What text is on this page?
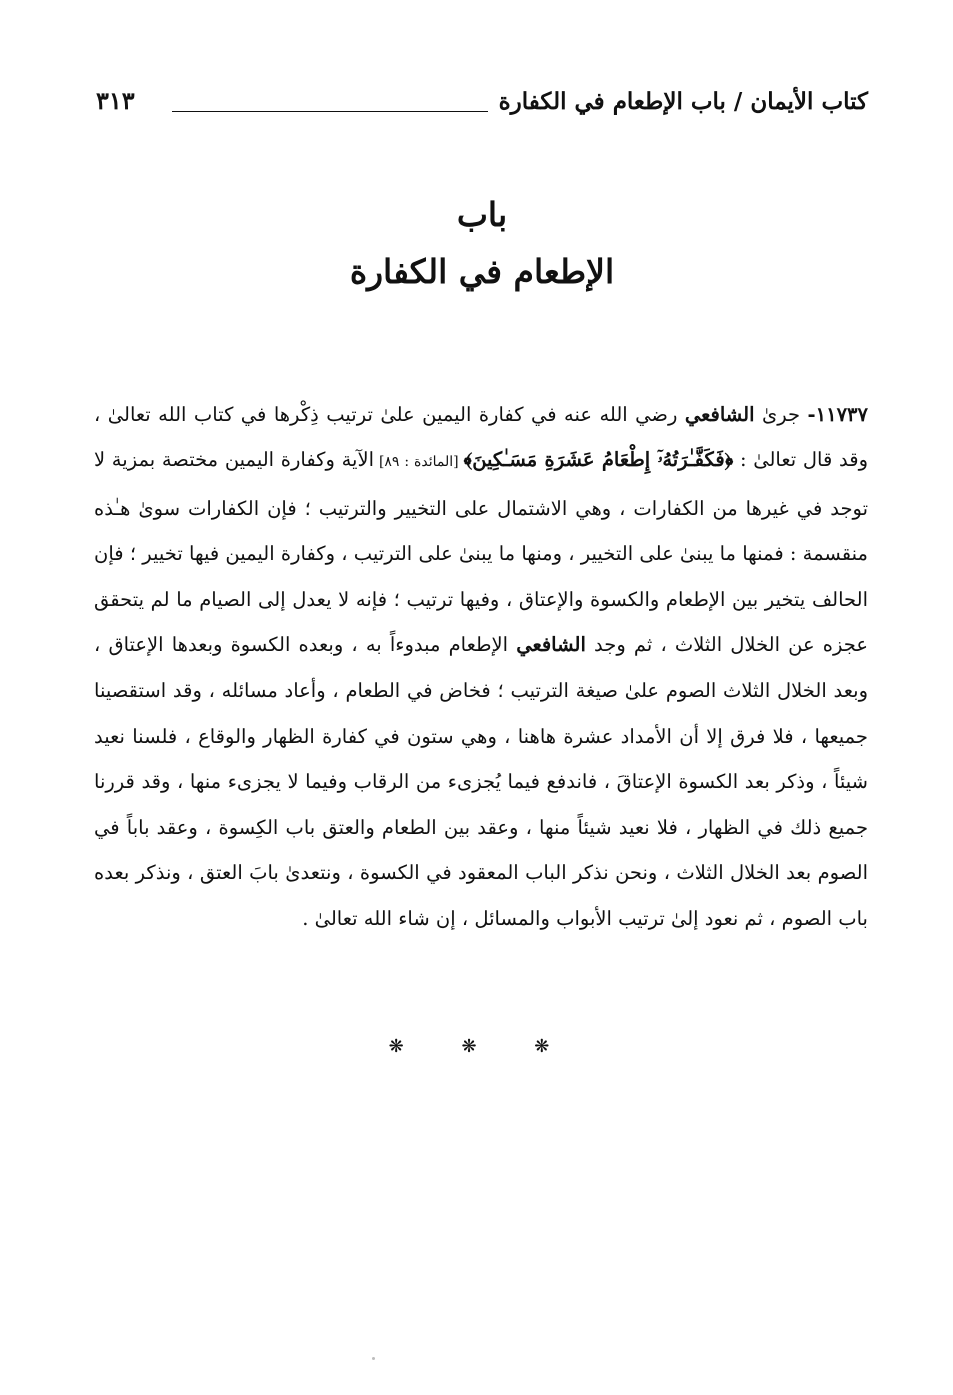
كتاب الأيمان / باب الإطعام في الكفارة
٣١٣
باب
الإطعام في الكفارة

١١٧٣٧- جرىٰ الشافعي رضي الله عنه في كفارة اليمين علىٰ ترتيب ذِكْرها في كتاب الله تعالىٰ ، وقد قال تعالىٰ : ﴿فَكَفَّـٰرَتُهُۥٓ إِطْعَامُ عَشَرَةِ مَسَـٰكِينَ﴾ [المائدة : ٨٩] الآية وكفارة اليمين مختصة بمزية لا توجد في غيرها من الكفارات ، وهي الاشتمال على التخيير والترتيب ؛ فإن الكفارات سوىٰ هـٰذه منقسمة : فمنها ما يبنىٰ على التخيير ، ومنها ما يبنىٰ على الترتيب ، وكفارة اليمين فيها تخيير ؛ فإن الحالف يتخير بين الإطعام والكسوة والإعتاق ، وفيها ترتيب ؛ فإنه لا يعدل إلى الصيام ما لم يتحقق عجزه عن الخلال الثلاث ، ثم وجد الشافعي الإطعام مبدوءاً به ، وبعده الكسوة وبعدها الإعتاق ، وبعد الخلال الثلاث الصوم علىٰ صيغة الترتيب ؛ فخاض في الطعام ، وأعاد مسائله ، وقد استقصينا جميعها ، فلا فرق إلا أن الأمداد عشرة هاهنا ، وهي ستون في كفارة الظهار والوقاع ، فلسنا نعيد شيئاً ، وذكر بعد الكسوة الإعتاقَ ، فاندفع فيما يُجزىء من الرقاب وفيما لا يجزىء منها ، وقد قررنا جميع ذلك في الظهار ، فلا نعيد شيئاً منها ، وعقد بين الطعام والعتق باب الكِسوة ، وعقد باباً في الصوم بعد الخلال الثلاث ، ونحن نذكر الباب المعقود في الكسوة ، ونتعدىٰ بابَ العتق ، ونذكر بعده باب الصوم ، ثم نعود إلىٰ ترتيب الأبواب والمسائل ، إن شاء الله تعالىٰ .

❋ ❋ ❋
